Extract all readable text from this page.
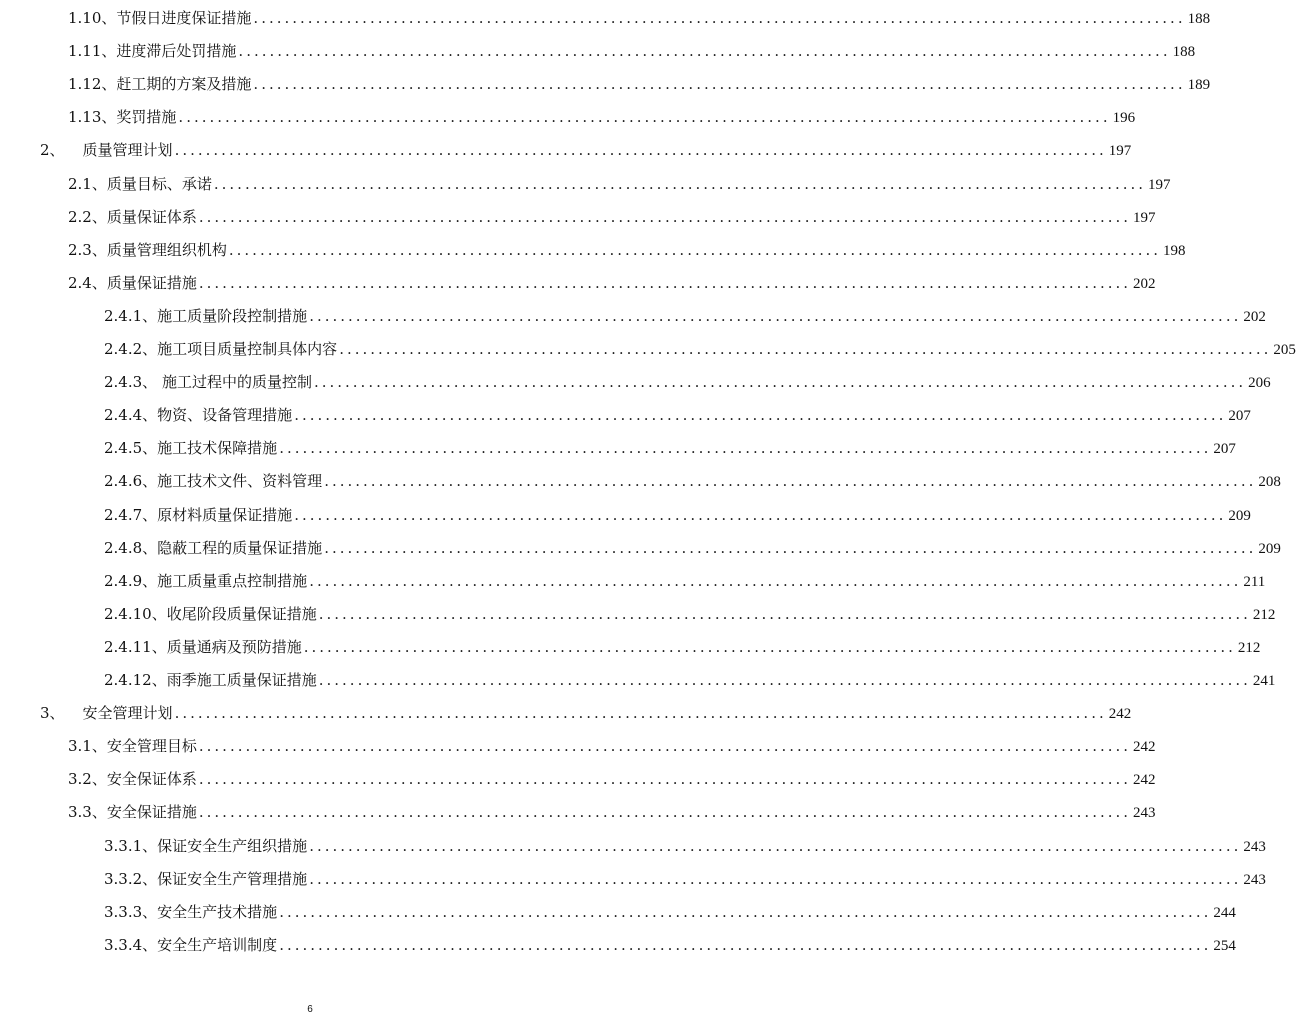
1.10、 节假日进度保证措施 ........................................................................................................................ 188
1.11、 进度滞后处罚措施 ........................................................................................................................ 188
1.12、 赶工期的方案及措施 ........................................................................................................................ 189
1.13、 奖罚措施 ........................................................................................................................ 196
2、 质量管理计划 ........................................................................................................................ 197
2.1、 质量目标、承诺 ........................................................................................................................ 197
2.2、 质量保证体系 ........................................................................................................................ 197
2.3、 质量管理组织机构 ........................................................................................................................ 198
2.4、 质量保证措施 ........................................................................................................................ 202
2.4.1、 施工质量阶段控制措施 ........................................................................................................................ 202
2.4.2、 施工项目质量控制具体内容 ........................................................................................................................ 205
2.4.3、 施工过程中的质量控制 ........................................................................................................................ 206
2.4.4、 物资、设备管理措施 ........................................................................................................................ 207
2.4.5、 施工技术保障措施 ........................................................................................................................ 207
2.4.6、 施工技术文件、资料管理 ........................................................................................................................ 208
2.4.7、 原材料质量保证措施 ........................................................................................................................ 209
2.4.8、 隐蔽工程的质量保证措施 ........................................................................................................................ 209
2.4.9、 施工质量重点控制措施 ........................................................................................................................ 211
2.4.10、 收尾阶段质量保证措施 ........................................................................................................................ 212
2.4.11、 质量通病及预防措施 ........................................................................................................................ 212
2.4.12、 雨季施工质量保证措施 ........................................................................................................................ 241
3、 安全管理计划 ........................................................................................................................ 242
3.1、 安全管理目标 ........................................................................................................................ 242
3.2、 安全保证体系 ........................................................................................................................ 242
3.3、 安全保证措施 ........................................................................................................................ 243
3.3.1、 保证安全生产组织措施 ........................................................................................................................ 243
3.3.2、 保证安全生产管理措施 ........................................................................................................................ 243
3.3.3、 安全生产技术措施 ........................................................................................................................ 244
3.3.4、 安全生产培训制度 ........................................................................................................................ 254
6
